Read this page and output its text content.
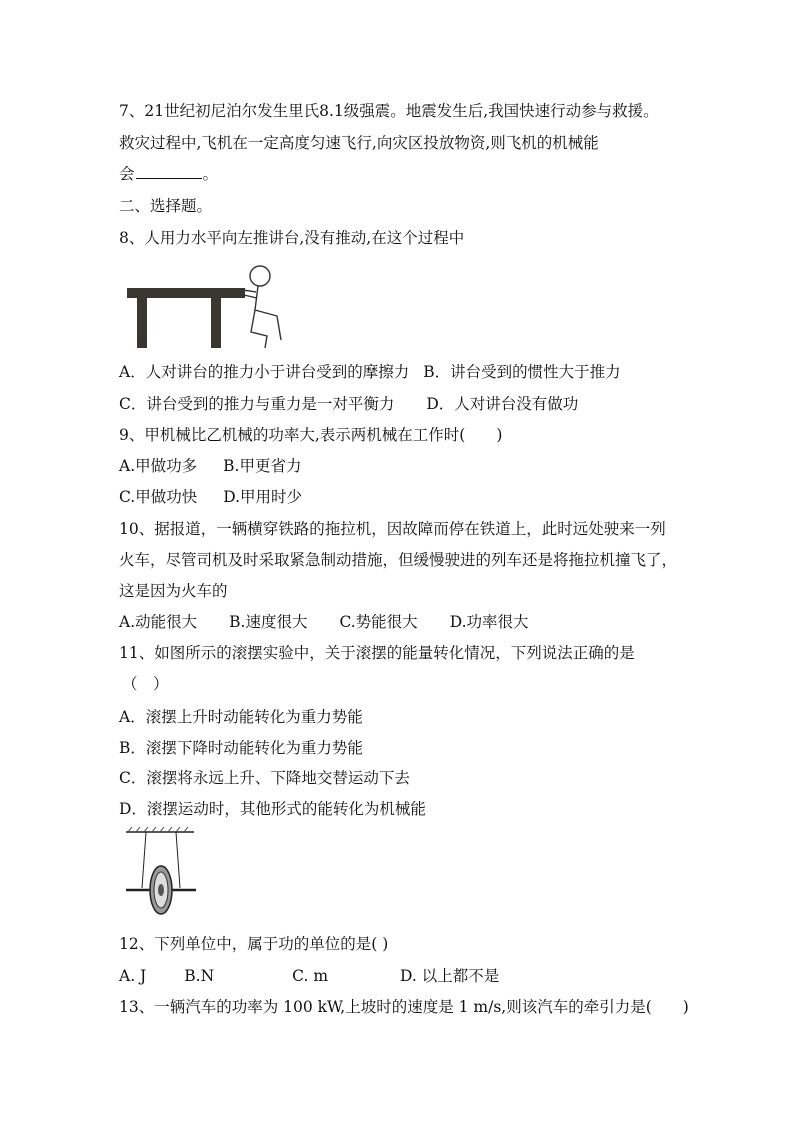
7、21世纪初尼泊尔发生里氏8.1级强震。地震发生后,我国快速行动参与救援。
救灾过程中,飞机在一定高度匀速飞行,向灾区投放物资,则飞机的机械能
会	。
二、选择题。
8、人用力水平向左推讲台,没有推动,在这个过程中
A．人对讲台的推力小于讲台受到的摩擦力 B．讲台受到的惯性大于推力
C．讲台受到的推力与重力是一对平衡力 D．人对讲台没有做功
9、甲机械比乙机械的功率大,表示两机械在工作时(　　)
A.甲做功多 B.甲更省力
C.甲做功快 D.甲用时少
10、据报道，一辆横穿铁路的拖拉机，因故障而停在铁道上，此时远处驶来一列
火车，尽管司机及时采取紧急制动措施，但缓慢驶进的列车还是将拖拉机撞飞了，
这是因为火车的
A.动能很大 B.速度很大 C.势能很大 D.功率很大
11、如图所示的滚摆实验中，关于滚摆的能量转化情况，下列说法正确的是
（　）
A．滚摆上升时动能转化为重力势能
B．滚摆下降时动能转化为重力势能
C．滚摆将永远上升、下降地交替运动下去
D．滚摆运动时，其他形式的能转化为机械能
12、下列单位中，属于功的单位的是( )
A. J B.N	C. m	D. 以上都不是
13、一辆汽车的功率为 100 kW,上坡时的速度是 1 m/s,则该汽车的牵引力是(　　)
